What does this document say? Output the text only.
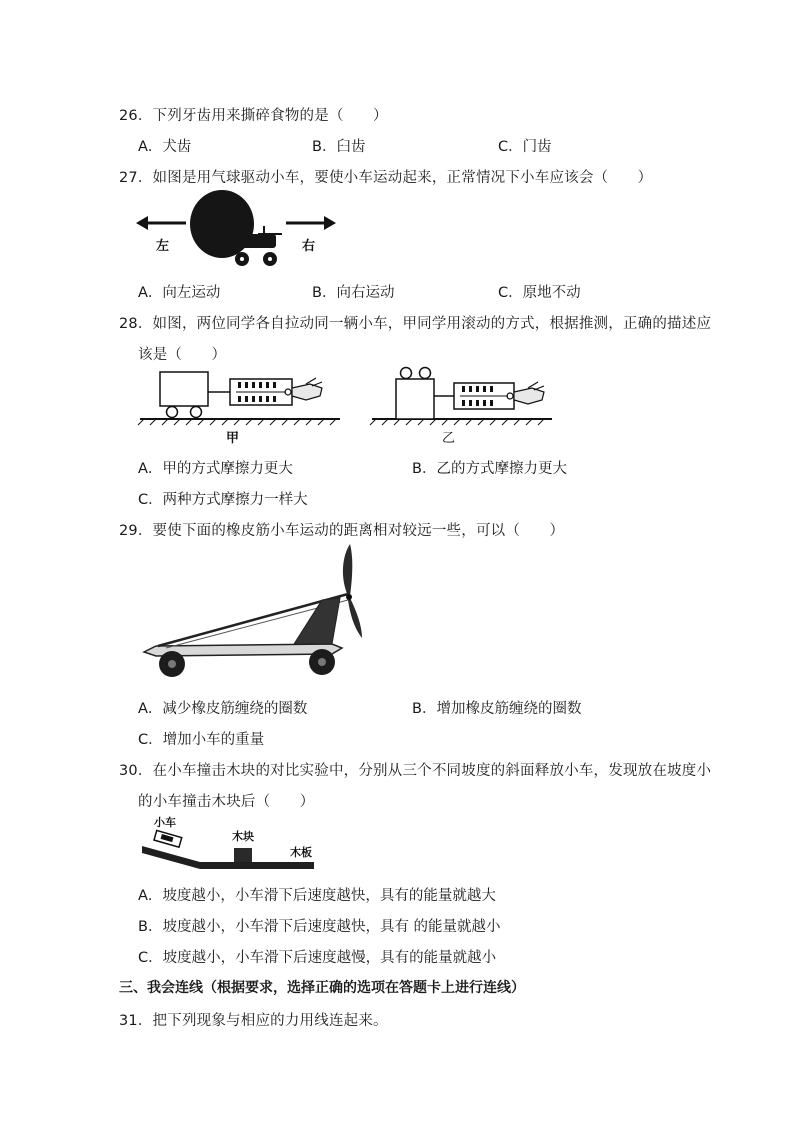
26．下列牙齿用来撕碎食物的是（　　）
A．犬齿	B．臼齿	C．门齿
27．如图是用气球驱动小车，要使小车运动起来，正常情况下小车应该会（　　）
左	右
A．向左运动	B．向右运动	C．原地不动
28．如图，两位同学各自拉动同一辆小车，甲同学用滚动的方式，根据推测，正确的描述应
该是（　　）
甲	乙
A．甲的方式摩擦力更大	B．乙的方式摩擦力更大
C．两种方式摩擦力一样大
29．要使下面的橡皮筋小车运动的距离相对较远一些，可以（　　）
A．减少橡皮筋缠绕的圈数	B．增加橡皮筋缠绕的圈数
C．增加小车的重量
30．在小车撞击木块的对比实验中，分别从三个不同坡度的斜面释放小车，发现放在坡度小
的小车撞击木块后（　　）
小车
木块
木板
A．坡度越小，小车滑下后速度越快，具有的能量就越大
B．坡度越小，小车滑下后速度越快，具有 的能量就越小
C．坡度越小，小车滑下后速度越慢，具有的能量就越小
三、我会连线（根据要求，选择正确的选项在答题卡上进行连线）
31．把下列现象与相应的力用线连起来。
